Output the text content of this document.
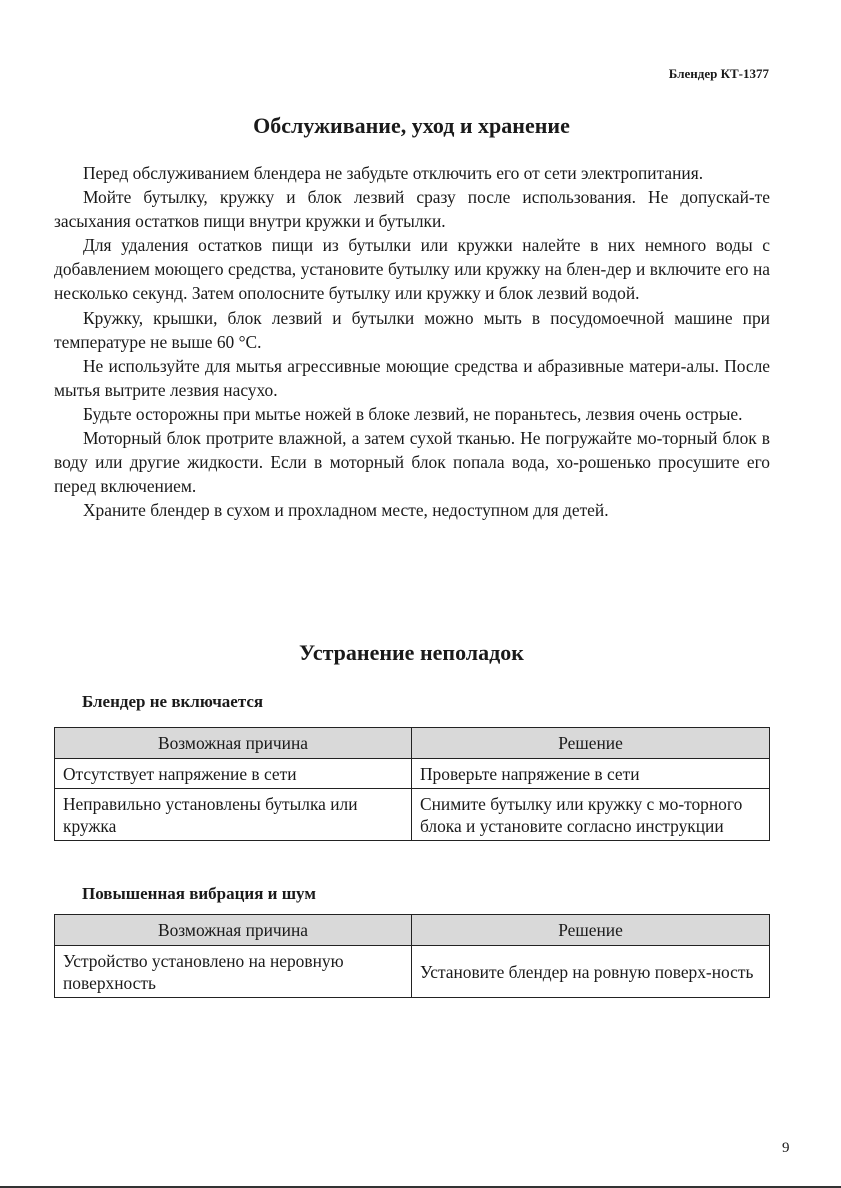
Блендер КТ-1377
Обслуживание, уход и хранение

Перед обслуживанием блендера не забудьте отключить его от сети электропитания.

Мойте бутылку, кружку и блок лезвий сразу после использования. Не допускай-те засыхания остатков пищи внутри кружки и бутылки.

Для удаления остатков пищи из бутылки или кружки налейте в них немного воды с добавлением моющего средства, установите бутылку или кружку на блен-дер и включите его на несколько секунд. Затем ополосните бутылку или кружку и блок лезвий водой.

Кружку, крышки, блок лезвий и бутылки можно мыть в посудомоечной машине при температуре не выше 60 °С.

Не используйте для мытья агрессивные моющие средства и абразивные матери-алы. После мытья вытрите лезвия насухо.

Будьте осторожны при мытье ножей в блоке лезвий, не пораньтесь, лезвия очень острые.

Моторный блок протрите влажной, а затем сухой тканью. Не погружайте мо-торный блок в воду или другие жидкости. Если в моторный блок попала вода, хо-рошенько просушите его перед включением.

Храните блендер в сухом и прохладном месте, недоступном для детей.

Устранение неполадок
Блендер не включается
Возможная причина	Решение
Отсутствует напряжение в сети	Проверьте напряжение в сети
Неправильно установлены бутылка или кружка	Снимите бутылку или кружку с мо-торного блока и установите согласно инструкции
Повышенная вибрация и шум
Возможная причина	Решение
Устройство установлено на неровную поверхность	Установите блендер на ровную поверх-ность
9
